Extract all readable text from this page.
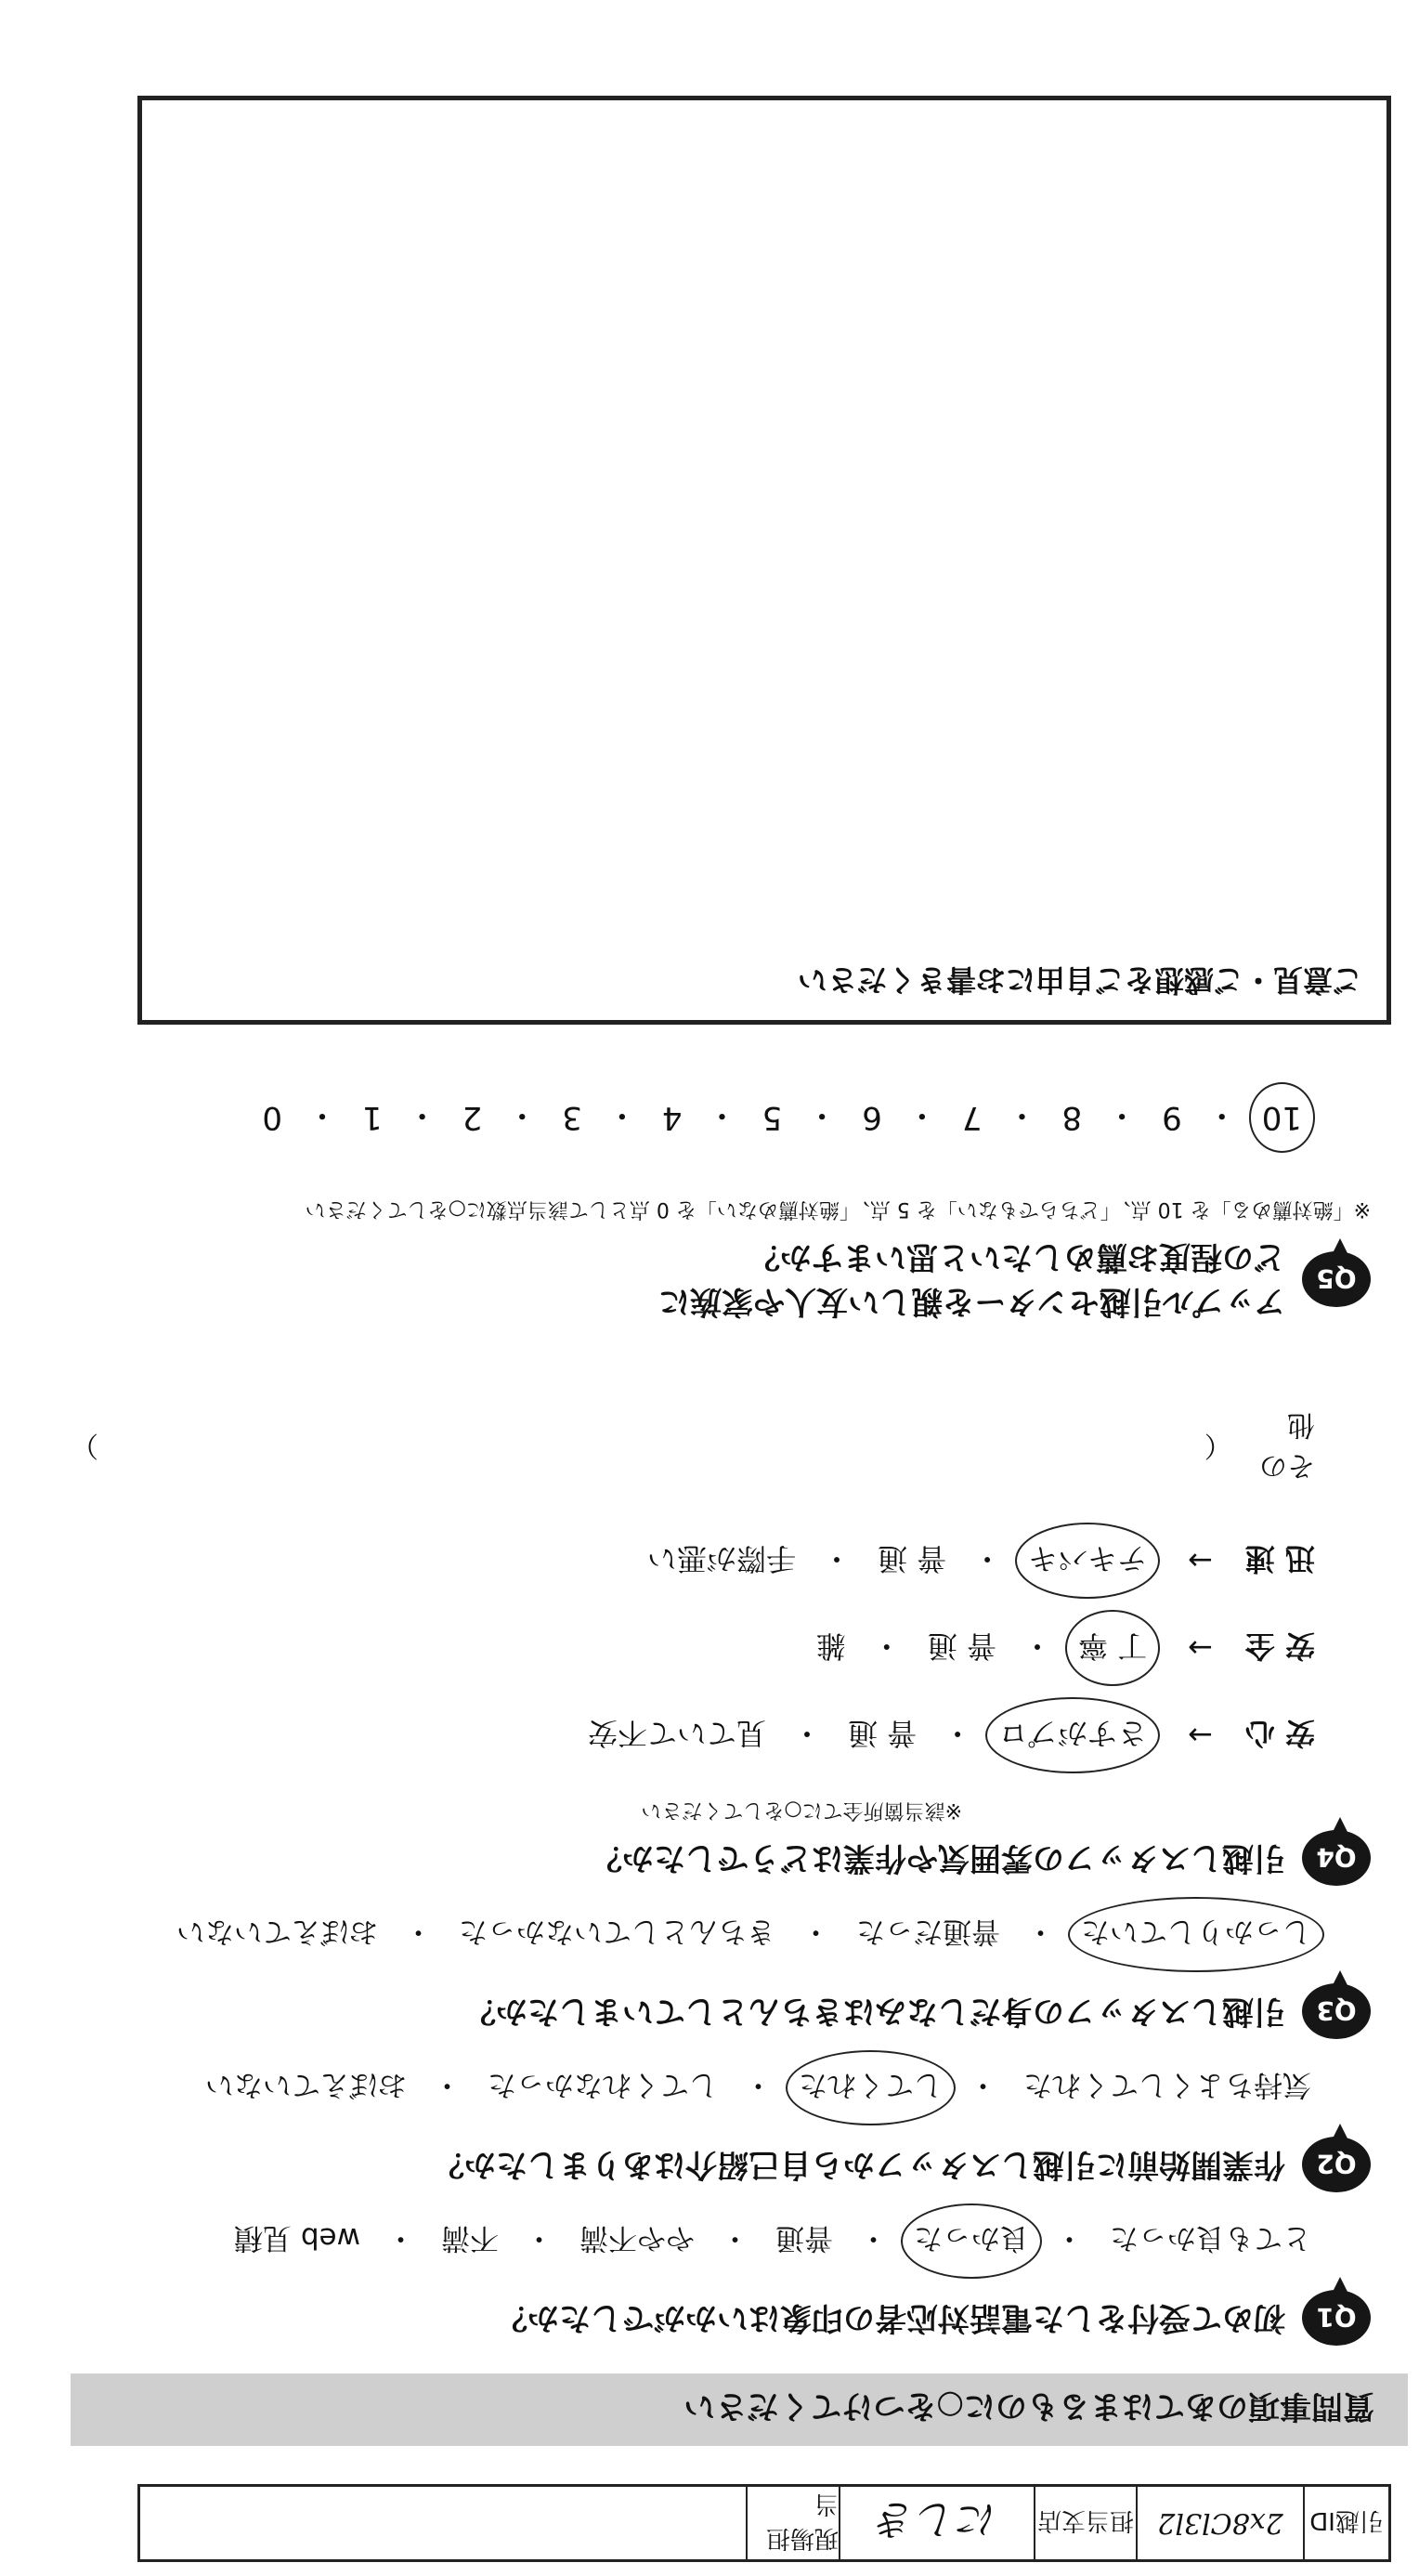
引越ID
2x8Cl3l2
担当支店
にしき
現場担当
質問事項のあてはまるものに○をつけてください
Q1
初めて受付をした電話対応者の印象はいかがでしたか？
とても良かった
・
良かった
・
普通
・
やや不満
・
不満
・
web 見積
Q2
作業開始前に引越しスタッフから自己紹介はありましたか？
気持ちよくしてくれた
・
してくれた
・
してくれなかった
・
おぼえていない
Q3
引越しスタッフの身だしなみはきちんとしていましたか？
しっかりしていた
・
普通だった
・
きちんとしていなかった
・
おぼえていない
Q4
引越しスタッフの雰囲気や作業はどうでしたか？
※該当箇所全てに○をしてください
安 心
→
さすがプロ
・
普 通
・
見ていて不安
安 全
→
丁 寧
・
普 通
・
雑
迅 速
→
テキパキ
・
普 通
・
手際が悪い
その他
（
）
Q5
アップル引越センターを親しい友人や家族に
どの程度お薦めしたいと思いますか？
※「絶対薦める」を 10 点、「どちらでもない」を 5 点、「絶対薦めない」を 0 点として該当点数に○をしてください
10
・
9
・
8
・
7
・
6
・
5
・
4
・
3
・
2
・
1
・
0
ご意見・ご感想をご自由にお書きください
